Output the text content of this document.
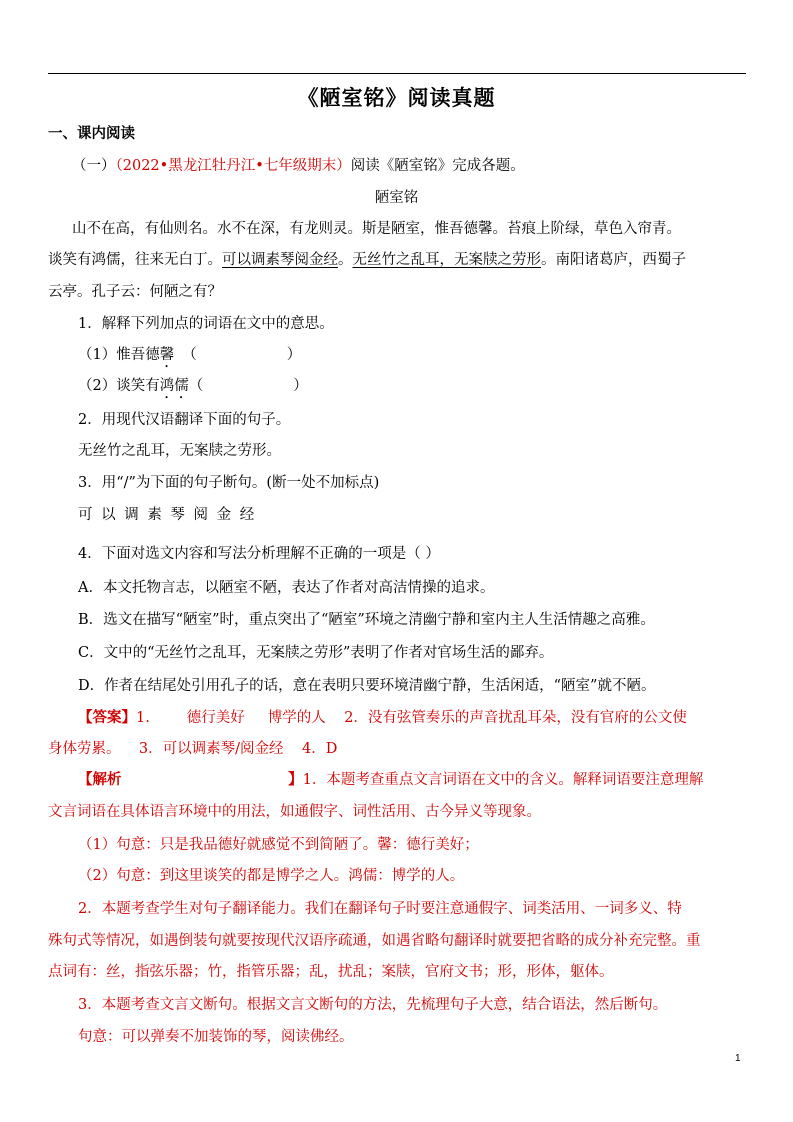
《陋室铭》阅读真题
一、课内阅读
（一）（2022•黑龙江牡丹江•七年级期末）阅读《陋室铭》完成各题。
陋室铭
山不在高，有仙则名。水不在深，有龙则灵。斯是陋室，惟吾德馨。苔痕上阶绿，草色入帘青。
谈笑有鸿儒，往来无白丁。可以调素琴阅金经。无丝竹之乱耳，无案牍之劳形。南阳诸葛庐，西蜀子
云亭。孔子云：何陋之有？
1．解释下列加点的词语在文中的意思。
（1）惟吾德馨 （	）
（2）谈笑有鸿儒（	）
2．用现代汉语翻译下面的句子。
无丝竹之乱耳，无案牍之劳形。
3．用“/”为下面的句子断句。(断一处不加标点)
可 以 调 素 琴 阅 金 经
4．下面对选文内容和写法分析理解不正确的一项是（ ）
A．本文托物言志，以陋室不陋，表达了作者对高洁情操的追求。
B．选文在描写“陋室”时，重点突出了“陋室”环境之清幽宁静和室内主人生活情趣之高雅。
C．文中的“无丝竹之乱耳，无案牍之劳形”表明了作者对官场生活的鄙弃。
D．作者在结尾处引用孔子的话，意在表明只要环境清幽宁静，生活闲适，“陋室”就不陋。
【答案】1.        德行美好     博学的人    2．没有弦管奏乐的声音扰乱耳朵，没有官府的公文使
身体劳累。    3．可以调素琴/阅金经    4．D
【解析                                 】1．本题考查重点文言词语在文中的含义。解释词语要注意理解
文言词语在具体语言环境中的用法，如通假字、词性活用、古今异义等现象。
（1）句意：只是我品德好就感觉不到简陋了。馨：德行美好；
（2）句意：到这里谈笑的都是博学之人。鸿儒：博学的人。
2．本题考查学生对句子翻译能力。我们在翻译句子时要注意通假字、词类活用、一词多义、特
殊句式等情况，如遇倒装句就要按现代汉语序疏通，如遇省略句翻译时就要把省略的成分补充完整。重
点词有：丝，指弦乐器；竹，指管乐器；乱，扰乱；案牍，官府文书；形，形体，躯体。
3．本题考查文言文断句。根据文言文断句的方法，先梳理句子大意，结合语法，然后断句。
句意：可以弹奏不加装饰的琴，阅读佛经。
1
